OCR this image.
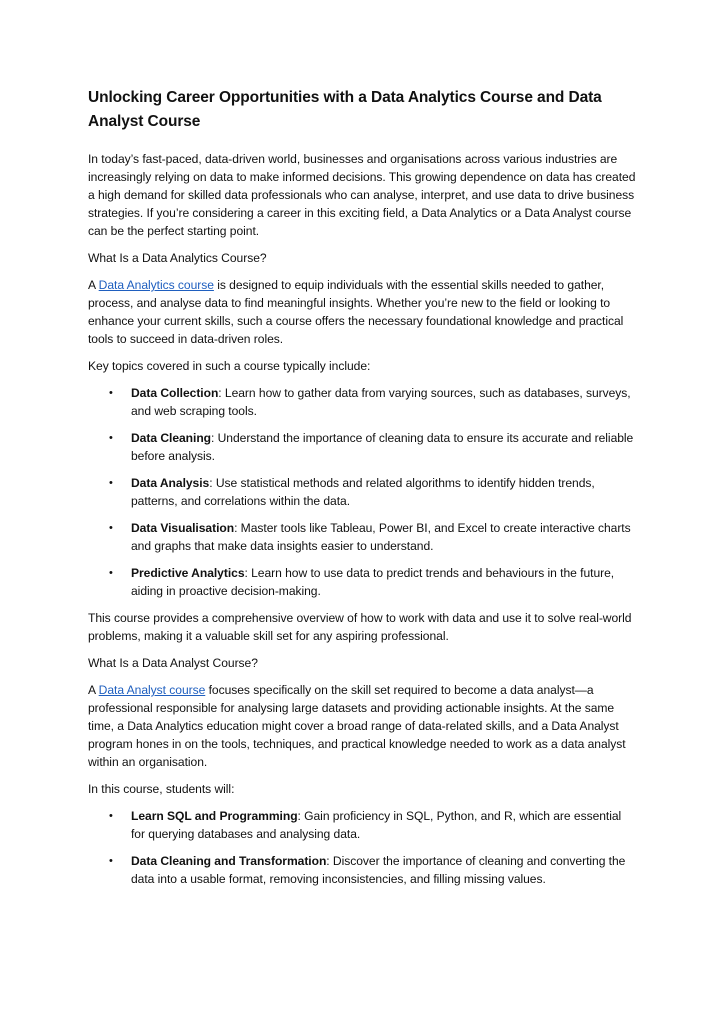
Unlocking Career Opportunities with a Data Analytics Course and Data Analyst Course

In today’s fast-paced, data-driven world, businesses and organisations across various industries are increasingly relying on data to make informed decisions. This growing dependence on data has created a high demand for skilled data professionals who can analyse, interpret, and use data to drive business strategies. If you’re considering a career in this exciting field, a Data Analytics or a Data Analyst course can be the perfect starting point.

What Is a Data Analytics Course?

A Data Analytics course is designed to equip individuals with the essential skills needed to gather, process, and analyse data to find meaningful insights. Whether you’re new to the field or looking to enhance your current skills, such a course offers the necessary foundational knowledge and practical tools to succeed in data-driven roles.

Key topics covered in such a course typically include:

• Data Collection: Learn how to gather data from varying sources, such as databases, surveys, and web scraping tools.
• Data Cleaning: Understand the importance of cleaning data to ensure its accurate and reliable before analysis.
• Data Analysis: Use statistical methods and related algorithms to identify hidden trends, patterns, and correlations within the data.
• Data Visualisation: Master tools like Tableau, Power BI, and Excel to create interactive charts and graphs that make data insights easier to understand.
• Predictive Analytics: Learn how to use data to predict trends and behaviours in the future, aiding in proactive decision-making.

This course provides a comprehensive overview of how to work with data and use it to solve real-world problems, making it a valuable skill set for any aspiring professional.

What Is a Data Analyst Course?

A Data Analyst course focuses specifically on the skill set required to become a data analyst—a professional responsible for analysing large datasets and providing actionable insights. At the same time, a Data Analytics education might cover a broad range of data-related skills, and a Data Analyst program hones in on the tools, techniques, and practical knowledge needed to work as a data analyst within an organisation.

In this course, students will:

• Learn SQL and Programming: Gain proficiency in SQL, Python, and R, which are essential for querying databases and analysing data.
• Data Cleaning and Transformation: Discover the importance of cleaning and converting the data into a usable format, removing inconsistencies, and filling missing values.
